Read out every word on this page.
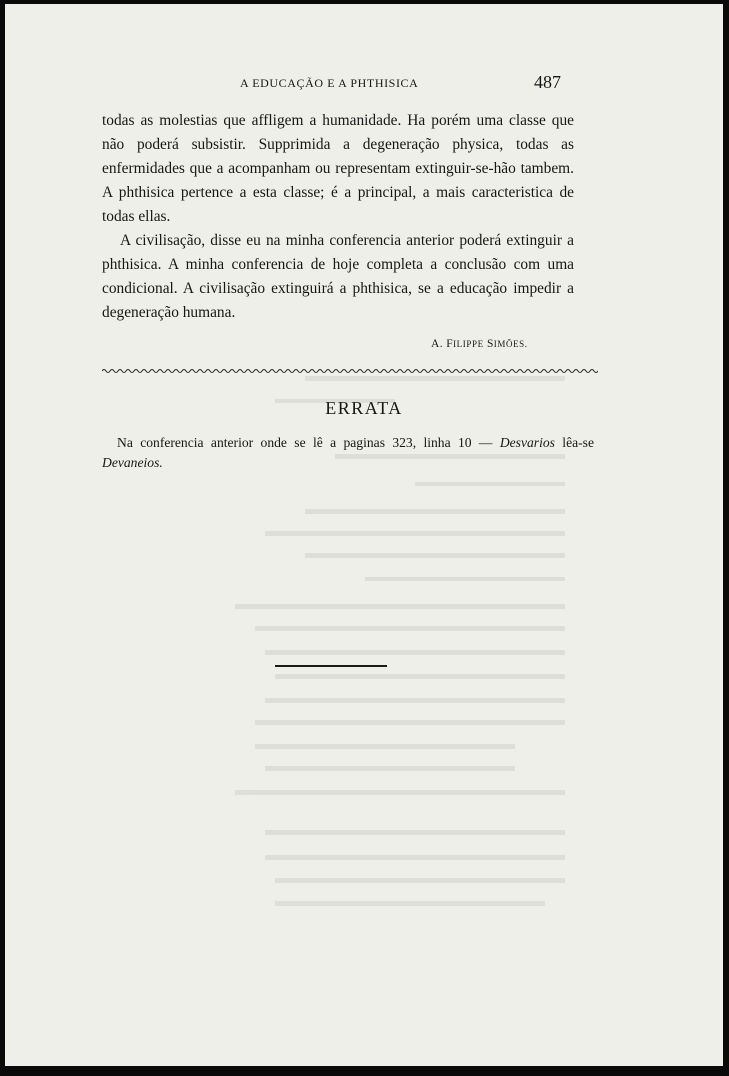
A EDUCAÇÃO E A PHTHISICA	487

todas as molestias que affligem a humanidade. Ha porém uma classe que não poderá subsistir. Supprimida a degeneração physica, todas as enfermidades que a acompanham ou representam extinguir-se-hão tambem. A phthisica pertence a esta classe; é a principal, a mais caracteristica de todas ellas.

A civilisação, disse eu na minha conferencia anterior poderá extinguir a phthisica. A minha conferencia de hoje completa a conclusão com uma condicional. A civilisação extinguirá a phthisica, se a educação impedir a degeneração humana.

A. FILIPPE SIMÕES.
ERRATA
Na conferencia anterior onde se lê a paginas 323, linha 10 — Desvarios lêa-se Devaneios.
